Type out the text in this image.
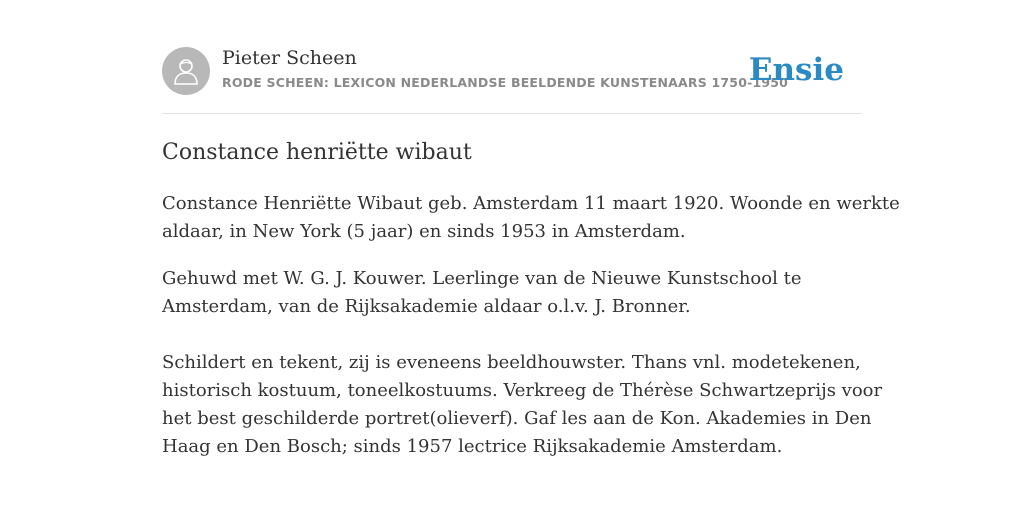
Pieter Scheen
RODE SCHEEN: LEXICON NEDERLANDSE BEELDENDE KUNSTENAARS 1750-1950
Ensie
Constance henriëtte wibaut

Constance Henriëtte Wibaut geb. Amsterdam 11 maart 1920. Woonde en werkte
aldaar, in New York (5 jaar) en sinds 1953 in Amsterdam.

Gehuwd met W. G. J. Kouwer. Leerlinge van de Nieuwe Kunstschool te
Amsterdam, van de Rijksakademie aldaar o.l.v. J. Bronner.

Schildert en tekent, zij is eveneens beeldhouwster. Thans vnl. modetekenen,
historisch kostuum, toneelkostuums. Verkreeg de Thérèse Schwartzeprijs voor
het best geschilderde portret(olieverf). Gaf les aan de Kon. Akademies in Den
Haag en Den Bosch; sinds 1957 lectrice Rijksakademie Amsterdam.
